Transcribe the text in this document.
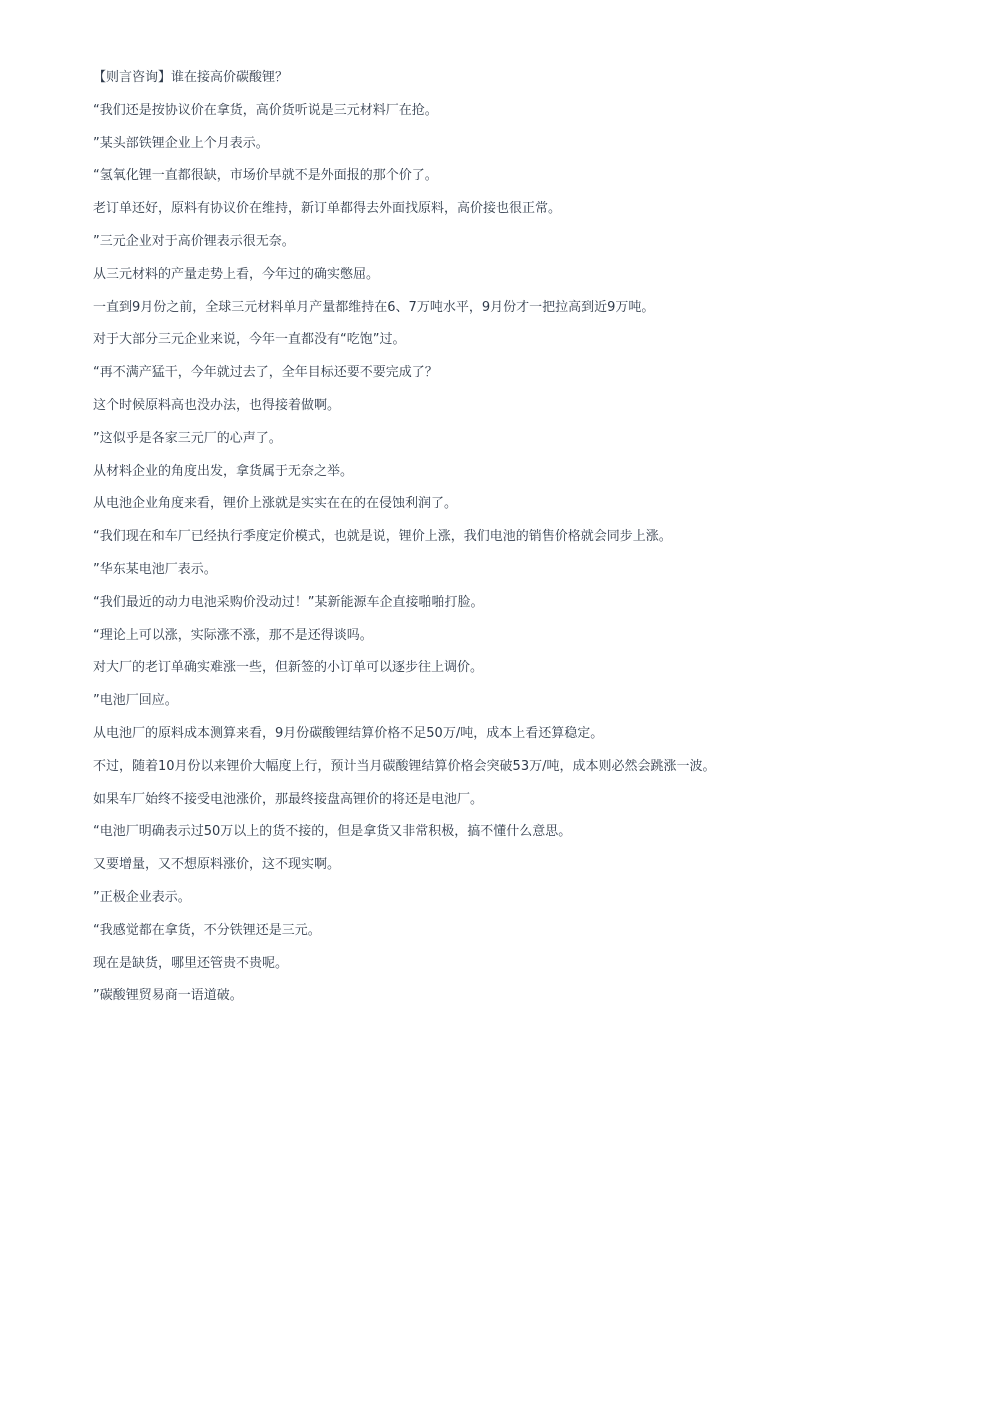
【则言咨询】谁在接高价碳酸锂？

“我们还是按协议价在拿货，高价货听说是三元材料厂在抢。

”某头部铁锂企业上个月表示。

“氢氧化锂一直都很缺，市场价早就不是外面报的那个价了。

老订单还好，原料有协议价在维持，新订单都得去外面找原料，高价接也很正常。

”三元企业对于高价锂表示很无奈。

从三元材料的产量走势上看，今年过的确实憋屈。

一直到9月份之前，全球三元材料单月产量都维持在6、7万吨水平，9月份才一把拉高到近9万吨。

对于大部分三元企业来说，今年一直都没有“吃饱”过。

“再不满产猛干，今年就过去了，全年目标还要不要完成了？

这个时候原料高也没办法，也得接着做啊。

”这似乎是各家三元厂的心声了。

从材料企业的角度出发，拿货属于无奈之举。

从电池企业角度来看，锂价上涨就是实实在在的在侵蚀利润了。

“我们现在和车厂已经执行季度定价模式，也就是说，锂价上涨，我们电池的销售价格就会同步上涨。

”华东某电池厂表示。

“我们最近的动力电池采购价没动过！”某新能源车企直接啪啪打脸。

“理论上可以涨，实际涨不涨，那不是还得谈吗。

对大厂的老订单确实难涨一些，但新签的小订单可以逐步往上调价。

”电池厂回应。

从电池厂的原料成本测算来看，9月份碳酸锂结算价格不足50万/吨，成本上看还算稳定。

不过，随着10月份以来锂价大幅度上行，预计当月碳酸锂结算价格会突破53万/吨，成本则必然会跳涨一波。

如果车厂始终不接受电池涨价，那最终接盘高锂价的将还是电池厂。

“电池厂明确表示过50万以上的货不接的，但是拿货又非常积极，搞不懂什么意思。

又要增量，又不想原料涨价，这不现实啊。

”正极企业表示。

“我感觉都在拿货，不分铁锂还是三元。

现在是缺货，哪里还管贵不贵呢。

”碳酸锂贸易商一语道破。
